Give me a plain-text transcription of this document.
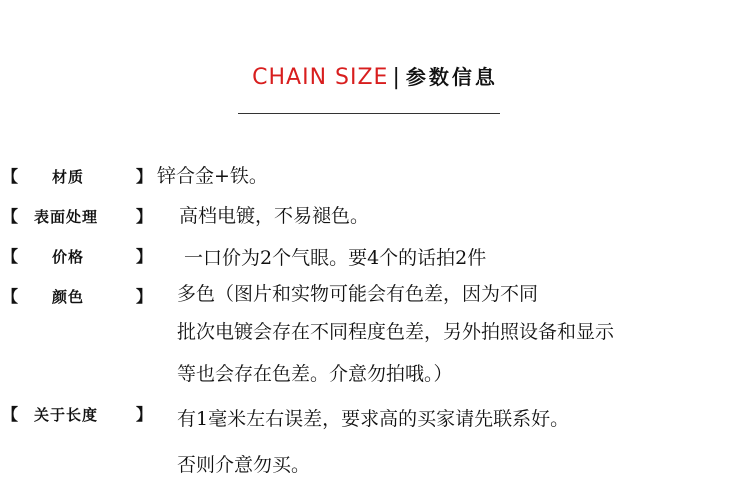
CHAIN SIZE | 参数信息
【 材质	】 锌合金+铁。
【 表面处理 】 高档电镀，不易褪色。
【 价格	】 一口价为2个气眼。要4个的话拍2件
【 颜色	】 多色（图片和实物可能会有色差，因为不同
批次电镀会存在不同程度色差，另外拍照设备和显示
等也会存在色差。介意勿拍哦。）
【 关于长度 】 有1毫米左右误差，要求高的买家请先联系好。
否则介意勿买。
